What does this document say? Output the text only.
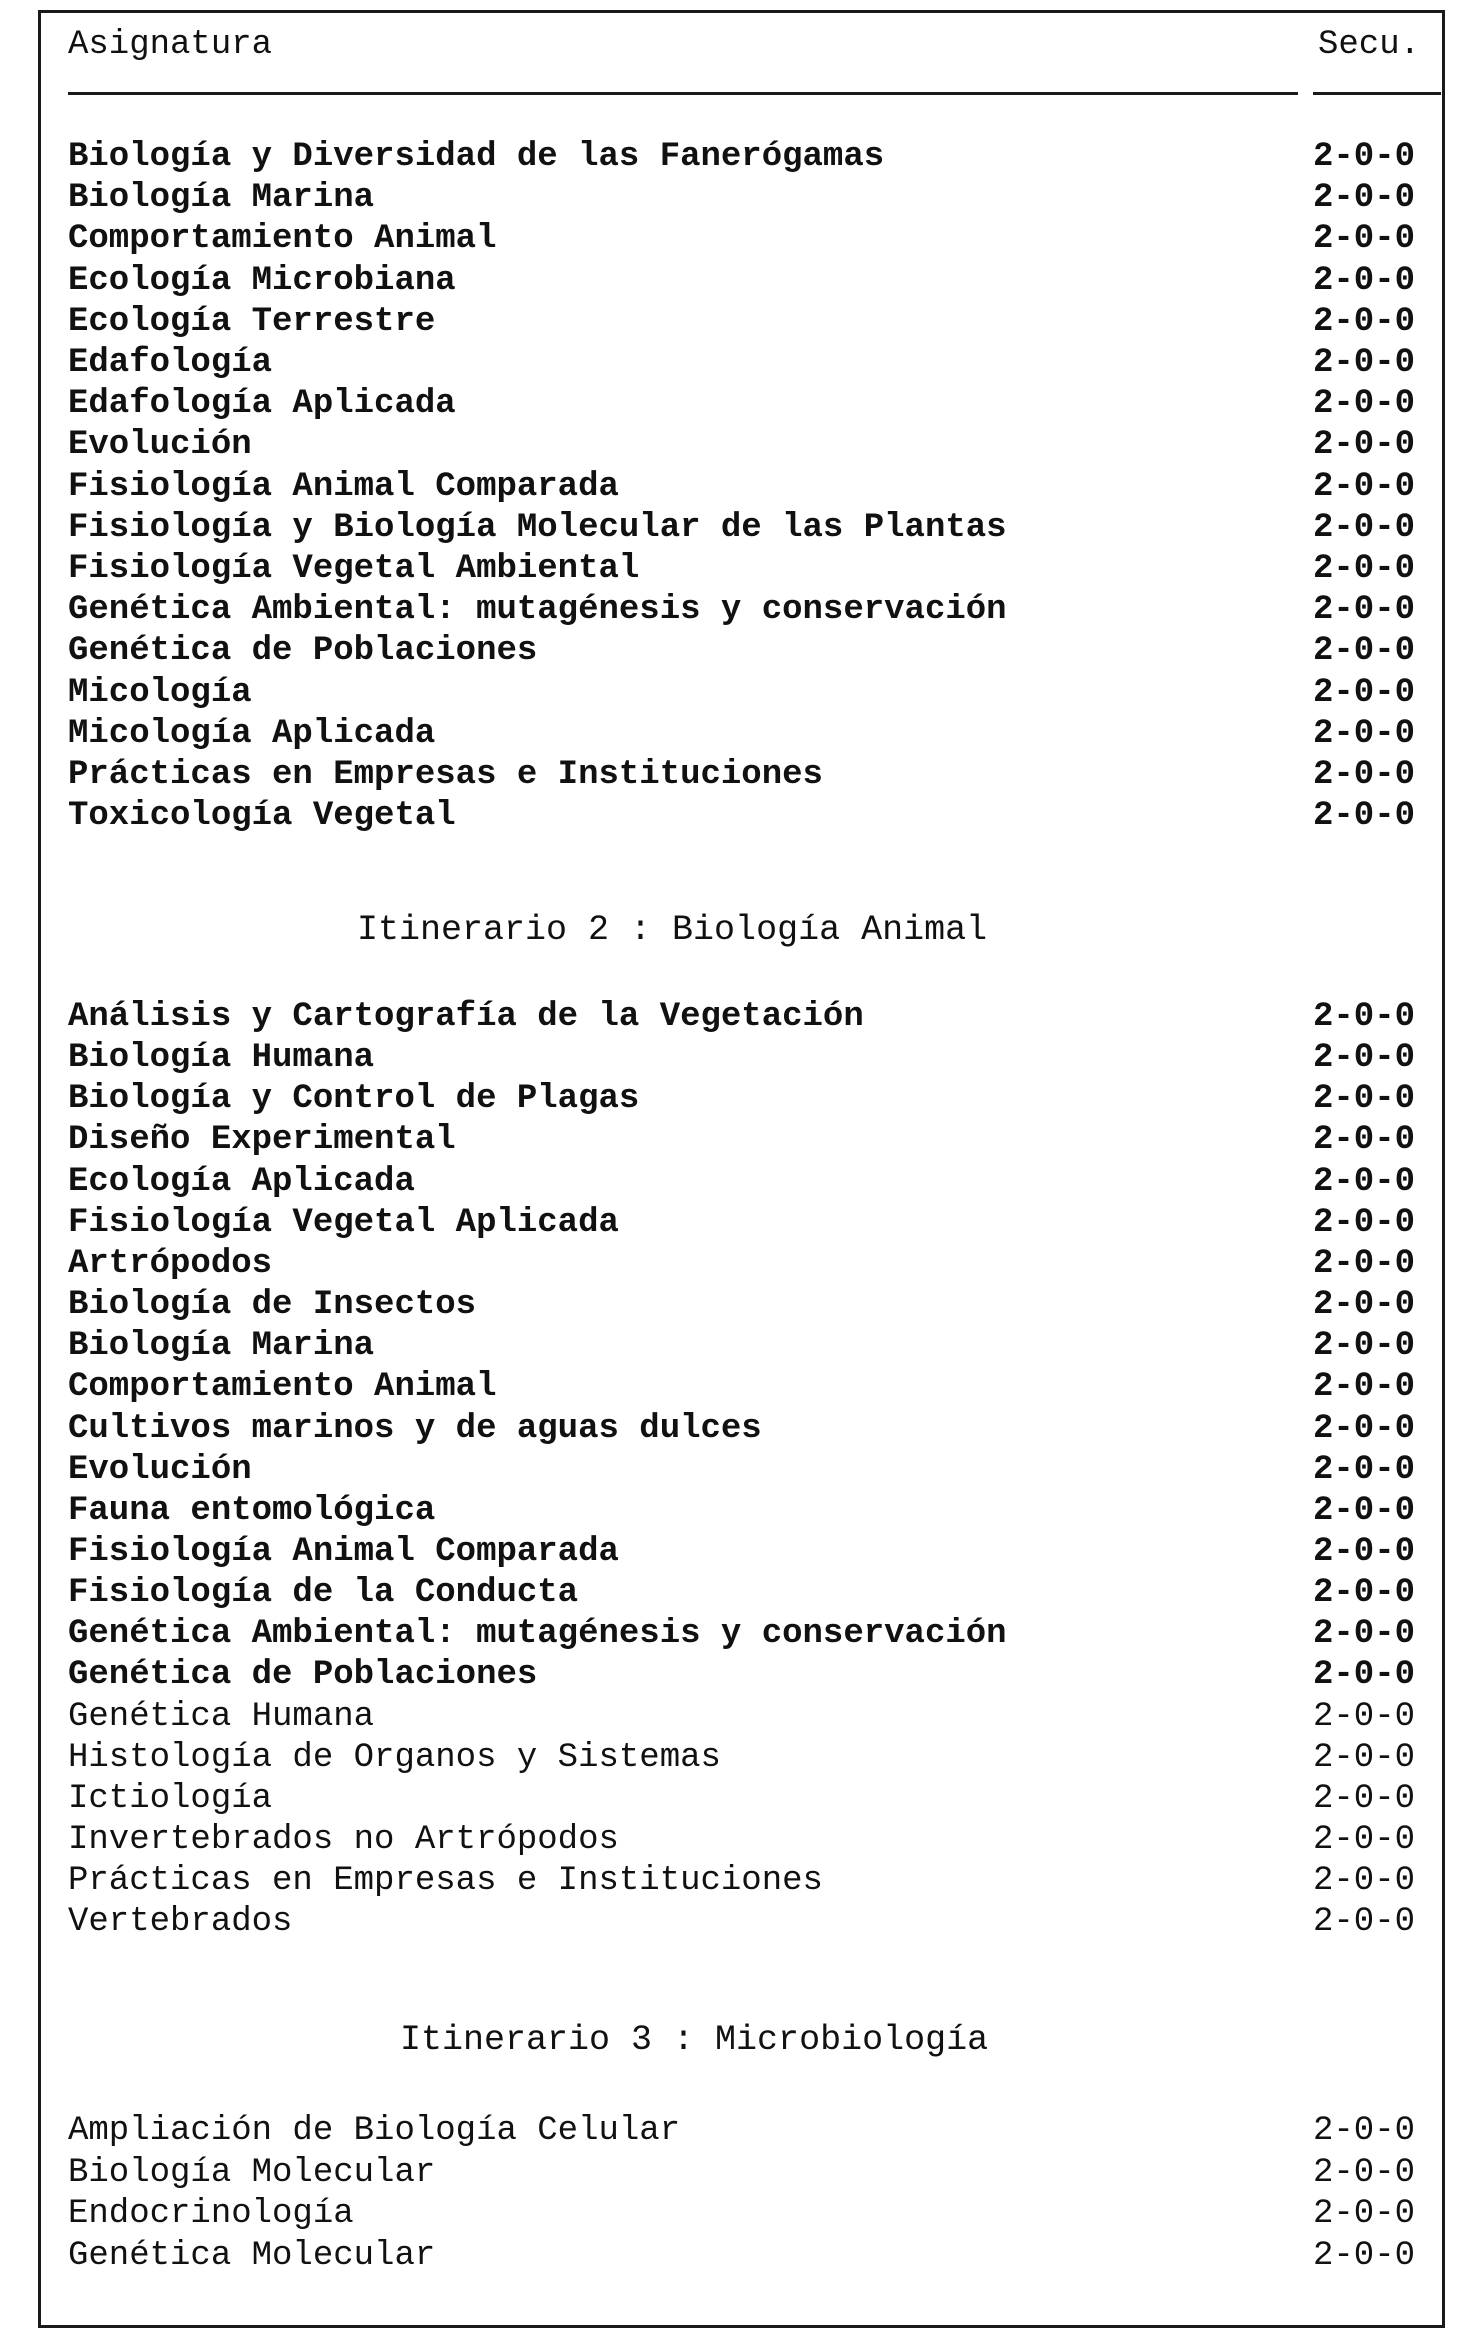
Asignatura	Secu.
Biología y Diversidad de las Fanerógamas	2-0-0
Biología Marina	2-0-0
Comportamiento Animal	2-0-0
Ecología Microbiana	2-0-0
Ecología Terrestre	2-0-0
Edafología	2-0-0
Edafología Aplicada	2-0-0
Evolución	2-0-0
Fisiología Animal Comparada	2-0-0
Fisiología y Biología Molecular de las Plantas	2-0-0
Fisiología Vegetal Ambiental	2-0-0
Genética Ambiental: mutagénesis y conservación	2-0-0
Genética de Poblaciones	2-0-0
Micología	2-0-0
Micología Aplicada	2-0-0
Prácticas en Empresas e Instituciones	2-0-0
Toxicología Vegetal	2-0-0
Itinerario 2 : Biología Animal
Análisis y Cartografía de la Vegetación	2-0-0
Biología Humana	2-0-0
Biología y Control de Plagas	2-0-0
Diseño Experimental	2-0-0
Ecología Aplicada	2-0-0
Fisiología Vegetal Aplicada	2-0-0
Artrópodos	2-0-0
Biología de Insectos	2-0-0
Biología Marina	2-0-0
Comportamiento Animal	2-0-0
Cultivos marinos y de aguas dulces	2-0-0
Evolución	2-0-0
Fauna entomológica	2-0-0
Fisiología Animal Comparada	2-0-0
Fisiología de la Conducta	2-0-0
Genética Ambiental: mutagénesis y conservación	2-0-0
Genética de Poblaciones	2-0-0
Genética Humana	2-0-0
Histología de Organos y Sistemas	2-0-0
Ictiología	2-0-0
Invertebrados no Artrópodos	2-0-0
Prácticas en Empresas e Instituciones	2-0-0
Vertebrados	2-0-0
Itinerario 3 : Microbiología
Ampliación de Biología Celular	2-0-0
Biología Molecular	2-0-0
Endocrinología	2-0-0
Genética Molecular	2-0-0
